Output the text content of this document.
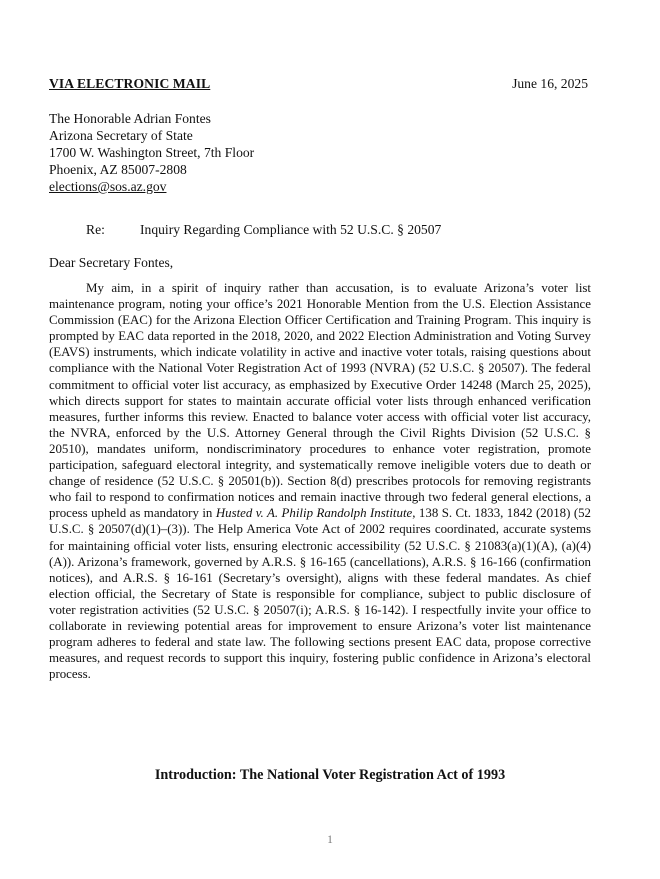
VIA ELECTRONIC MAIL	June 16, 2025
The Honorable Adrian Fontes
Arizona Secretary of State
1700 W. Washington Street, 7th Floor
Phoenix, AZ 85007-2808
elections@sos.az.gov
Re:	Inquiry Regarding Compliance with 52 U.S.C. § 20507
Dear Secretary Fontes,

My aim, in a spirit of inquiry rather than accusation, is to evaluate Arizona’s voter list maintenance program, noting your office’s 2021 Honorable Mention from the U.S. Election Assistance Commission (EAC) for the Arizona Election Officer Certification and Training Program. This inquiry is prompted by EAC data reported in the 2018, 2020, and 2022 Election Administration and Voting Survey (EAVS) instruments, which indicate volatility in active and inactive voter totals, raising questions about compliance with the National Voter Registration Act of 1993 (NVRA) (52 U.S.C. § 20507). The federal commitment to official voter list accuracy, as emphasized by Executive Order 14248 (March 25, 2025), which directs support for states to maintain accurate official voter lists through enhanced verification measures, further informs this review. Enacted to balance voter access with official voter list accuracy, the NVRA, enforced by the U.S. Attorney General through the Civil Rights Division (52 U.S.C. § 20510), mandates uniform, nondiscriminatory procedures to enhance voter registration, promote participation, safeguard electoral integrity, and systematically remove ineligible voters due to death or change of residence (52 U.S.C. § 20501(b)). Section 8(d) prescribes protocols for removing registrants who fail to respond to confirmation notices and remain inactive through two federal general elections, a process upheld as mandatory in Husted v. A. Philip Randolph Institute, 138 S. Ct. 1833, 1842 (2018) (52 U.S.C. § 20507(d)(1)–(3)). The Help America Vote Act of 2002 requires coordinated, accurate systems for maintaining official voter lists, ensuring electronic accessibility (52 U.S.C. § 21083(a)(1)(A), (a)(4)(A)). Arizona’s framework, governed by A.R.S. § 16-165 (cancellations), A.R.S. § 16-166 (confirmation notices), and A.R.S. § 16-161 (Secretary’s oversight), aligns with these federal mandates. As chief election official, the Secretary of State is responsible for compliance, subject to public disclosure of voter registration activities (52 U.S.C. § 20507(i); A.R.S. § 16-142). I respectfully invite your office to collaborate in reviewing potential areas for improvement to ensure Arizona’s voter list maintenance program adheres to federal and state law. The following sections present EAC data, propose corrective measures, and request records to support this inquiry, fostering public confidence in Arizona’s electoral process.

Introduction: The National Voter Registration Act of 1993
1
